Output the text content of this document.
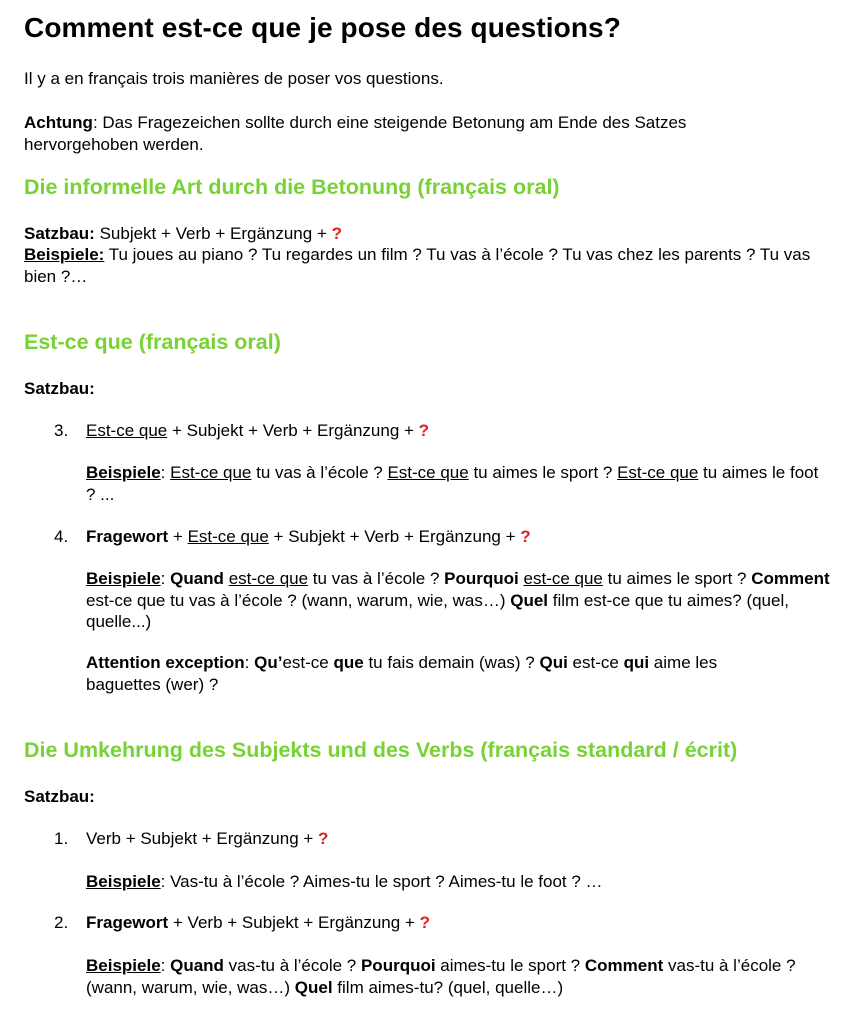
Comment est-ce que je pose des questions?

Il y a en français trois manières de poser vos questions.

Achtung: Das Fragezeichen sollte durch eine steigende Betonung am Ende des Satzes hervorgehoben werden.

Die informelle Art durch die Betonung (français oral)

Satzbau: Subjekt + Verb + Ergänzung + ?

Beispiele: Tu joues au piano ? Tu regardes un film ? Tu vas à l’école ? Tu vas chez les parents ? Tu vas bien ?…

Est-ce que (français oral)

Satzbau:

3. Est-ce que + Subjekt + Verb + Ergänzung + ?

Beispiele: Est-ce que tu vas à l’école ? Est-ce que tu aimes le sport ? Est-ce que tu aimes le foot ? ...

4. Fragewort + Est-ce que + Subjekt + Verb + Ergänzung + ?

Beispiele: Quand est-ce que tu vas à l’école ? Pourquoi est-ce que tu aimes le sport ? Comment est-ce que tu vas à l’école ? (wann, warum, wie, was…) Quel film est-ce que tu aimes? (quel, quelle...)

Attention exception: Qu’est-ce que tu fais demain (was) ? Qui est-ce qui aime les baguettes (wer) ?

Die Umkehrung des Subjekts und des Verbs (français standard / écrit)

Satzbau:

1. Verb + Subjekt + Ergänzung + ?

Beispiele: Vas-tu à l’école ? Aimes-tu le sport ? Aimes-tu le foot ? …

2. Fragewort + Verb + Subjekt + Ergänzung + ?

Beispiele: Quand vas-tu à l’école ? Pourquoi aimes-tu le sport ? Comment vas-tu à l’école ? (wann, warum, wie, was…) Quel film aimes-tu? (quel, quelle…)
